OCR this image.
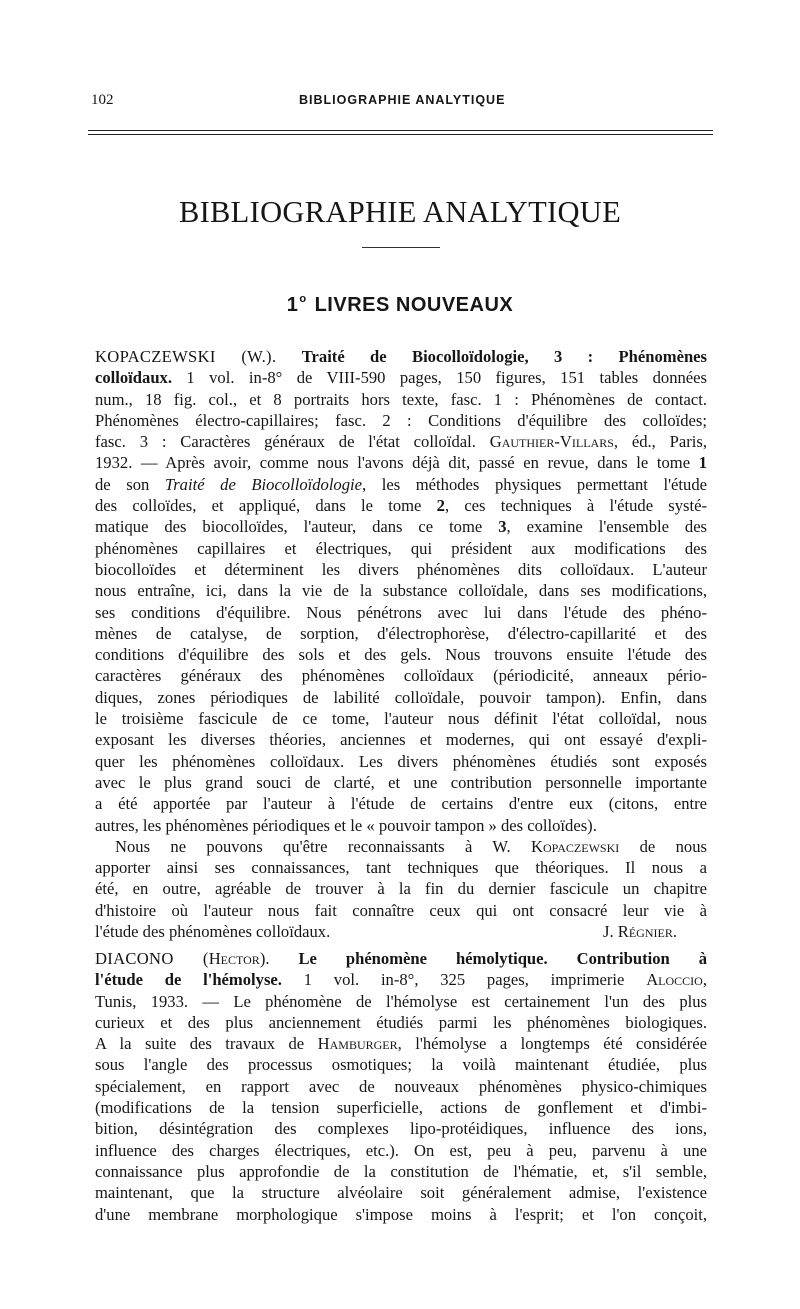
102	BIBLIOGRAPHIE ANALYTIQUE
BIBLIOGRAPHIE ANALYTIQUE
1$^o$ LIVRES NOUVEAUX
KOPACZEWSKI (W.). Traité de Biocolloïdologie, 3 : Phénomènes
colloïdaux. 1 vol. in-8° de VIII-590 pages, 150 figures, 151 tables données
num., 18 fig. col., et 8 portraits hors texte, fasc. 1 : Phénomènes de contact.
Phénomènes électro-capillaires; fasc. 2 : Conditions d'équilibre des colloïdes;
fasc. 3 : Caractères généraux de l'état colloïdal. Gauthier-Villars, éd., Paris,
1932. — Après avoir, comme nous l'avons déjà dit, passé en revue, dans le tome 1
de son Traité de Biocolloïdologie, les méthodes physiques permettant l'étude
des colloïdes, et appliqué, dans le tome 2, ces techniques à l'étude systé-
matique des biocolloïdes, l'auteur, dans ce tome 3, examine l'ensemble des
phénomènes capillaires et électriques, qui président aux modifications des
biocolloïdes et déterminent les divers phénomènes dits colloïdaux. L'auteur
nous entraîne, ici, dans la vie de la substance colloïdale, dans ses modifications,
ses conditions d'équilibre. Nous pénétrons avec lui dans l'étude des phéno-
mènes de catalyse, de sorption, d'électrophorèse, d'électro-capillarité et des
conditions d'équilibre des sols et des gels. Nous trouvons ensuite l'étude des
caractères généraux des phénomènes colloïdaux (périodicité, anneaux pério-
diques, zones périodiques de labilité colloïdale, pouvoir tampon). Enfin, dans
le troisième fascicule de ce tome, l'auteur nous définit l'état colloïdal, nous
exposant les diverses théories, anciennes et modernes, qui ont essayé d'expli-
quer les phénomènes colloïdaux. Les divers phénomènes étudiés sont exposés
avec le plus grand souci de clarté, et une contribution personnelle importante
a été apportée par l'auteur à l'étude de certains d'entre eux (citons, entre
autres, les phénomènes périodiques et le « pouvoir tampon » des colloïdes).
Nous ne pouvons qu'être reconnaissants à W. Kopaczewski de nous
apporter ainsi ses connaissances, tant techniques que théoriques. Il nous a
été, en outre, agréable de trouver à la fin du dernier fascicule un chapitre
d'histoire où l'auteur nous fait connaître ceux qui ont consacré leur vie à
l'étude des phénomènes colloïdaux.	J. Régnier.
DIACONO (Hector). Le phénomène hémolytique. Contribution à
l'étude de l'hémolyse. 1 vol. in-8°, 325 pages, imprimerie Aloccio,
Tunis, 1933. — Le phénomène de l'hémolyse est certainement l'un des plus
curieux et des plus anciennement étudiés parmi les phénomènes biologiques.
A la suite des travaux de Hamburger, l'hémolyse a longtemps été considérée
sous l'angle des processus osmotiques; la voilà maintenant étudiée, plus
spécialement, en rapport avec de nouveaux phénomènes physico-chimiques
(modifications de la tension superficielle, actions de gonflement et d'imbi-
bition, désintégration des complexes lipo-protéidiques, influence des ions,
influence des charges électriques, etc.). On est, peu à peu, parvenu à une
connaissance plus approfondie de la constitution de l'hématie, et, s'il semble,
maintenant, que la structure alvéolaire soit généralement admise, l'existence
d'une membrane morphologique s'impose moins à l'esprit; et l'on conçoit,
